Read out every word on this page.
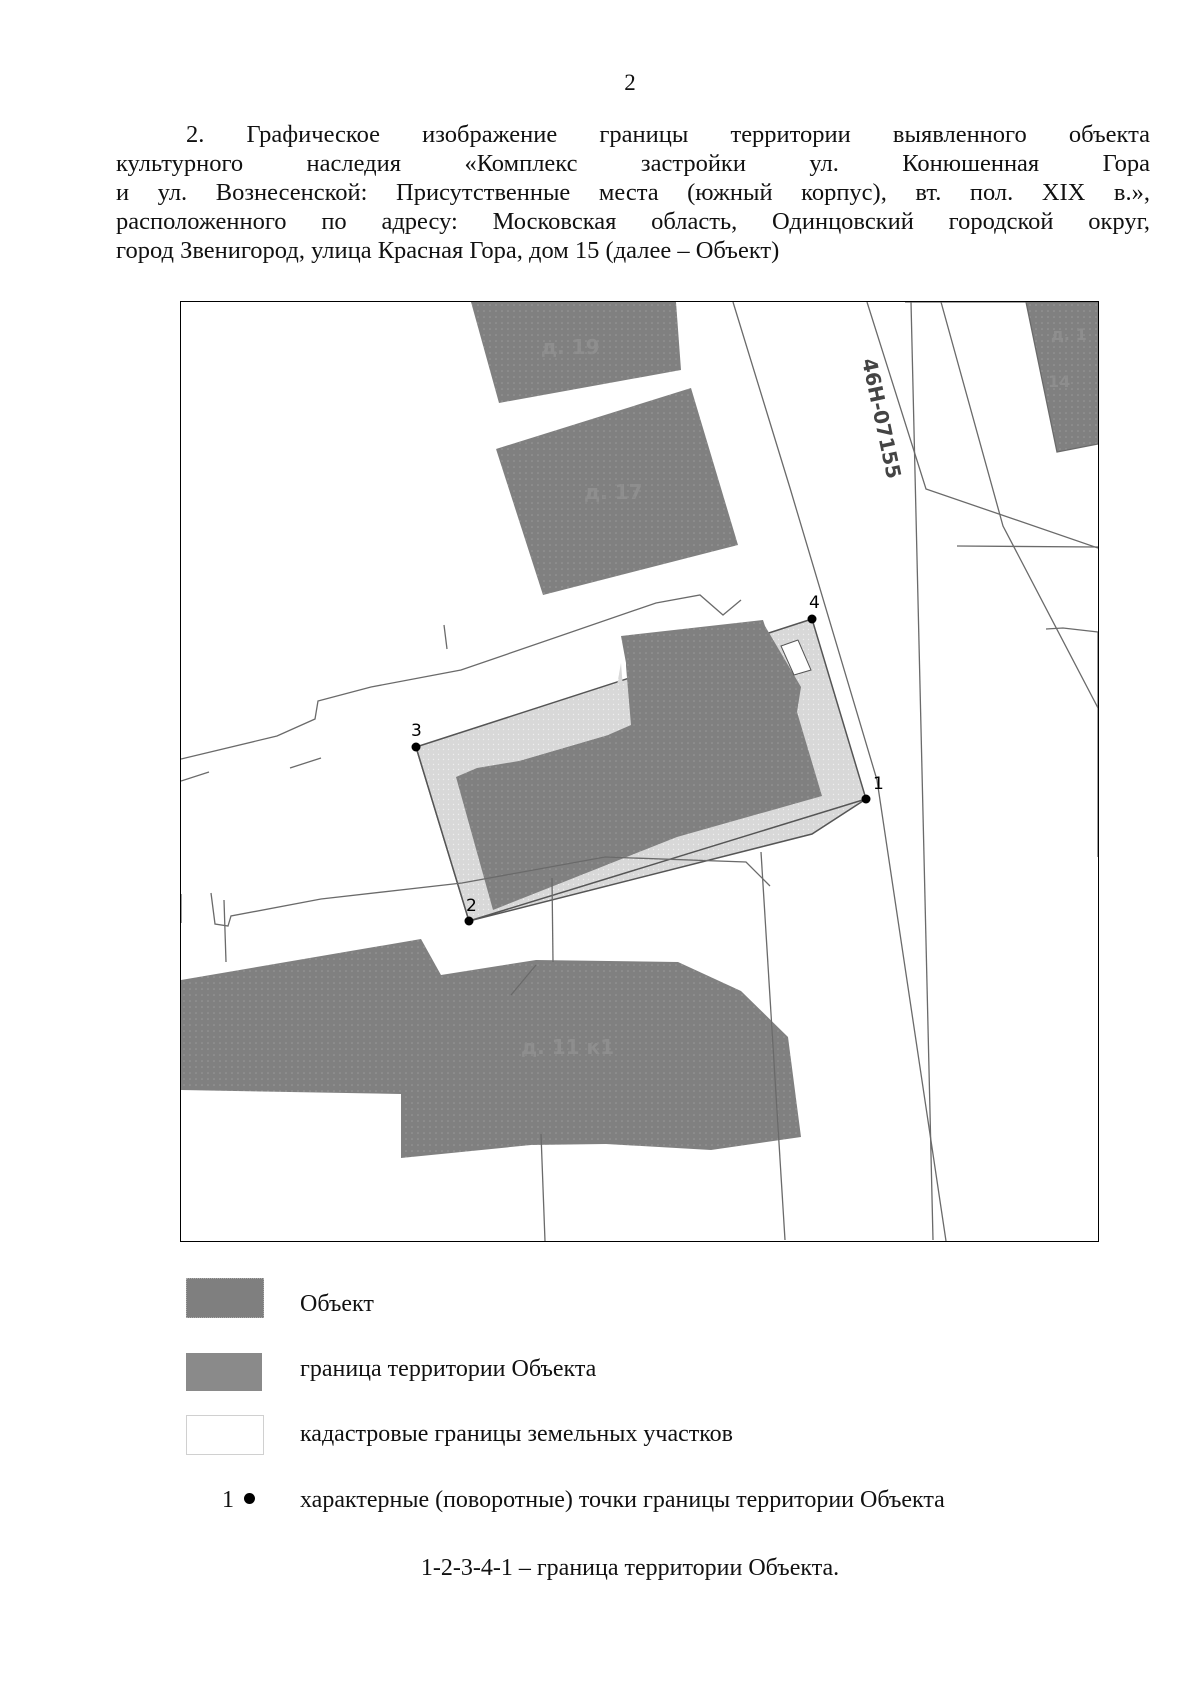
2

2. Графическое изображение границы территории выявленного объекта
культурного наследия «Комплекс застройки ул. Конюшенная Гора
и ул. Вознесенской: Присутственные места (южный корпус), вт. пол. XIX в.»,
расположенного по адресу: Московская область, Одинцовский городской округ,
город Звенигород, улица Красная Гора, дом 15 (далее – Объект)

46Н-07155
д. 19
д. 17
д. 11 к1
д. 1
14
1
2
3
4
Объект
граница территории Объекта
кадастровые границы земельных участков
1	характерные (поворотные) точки границы территории Объекта
1-2-3-4-1 – граница территории Объекта.
